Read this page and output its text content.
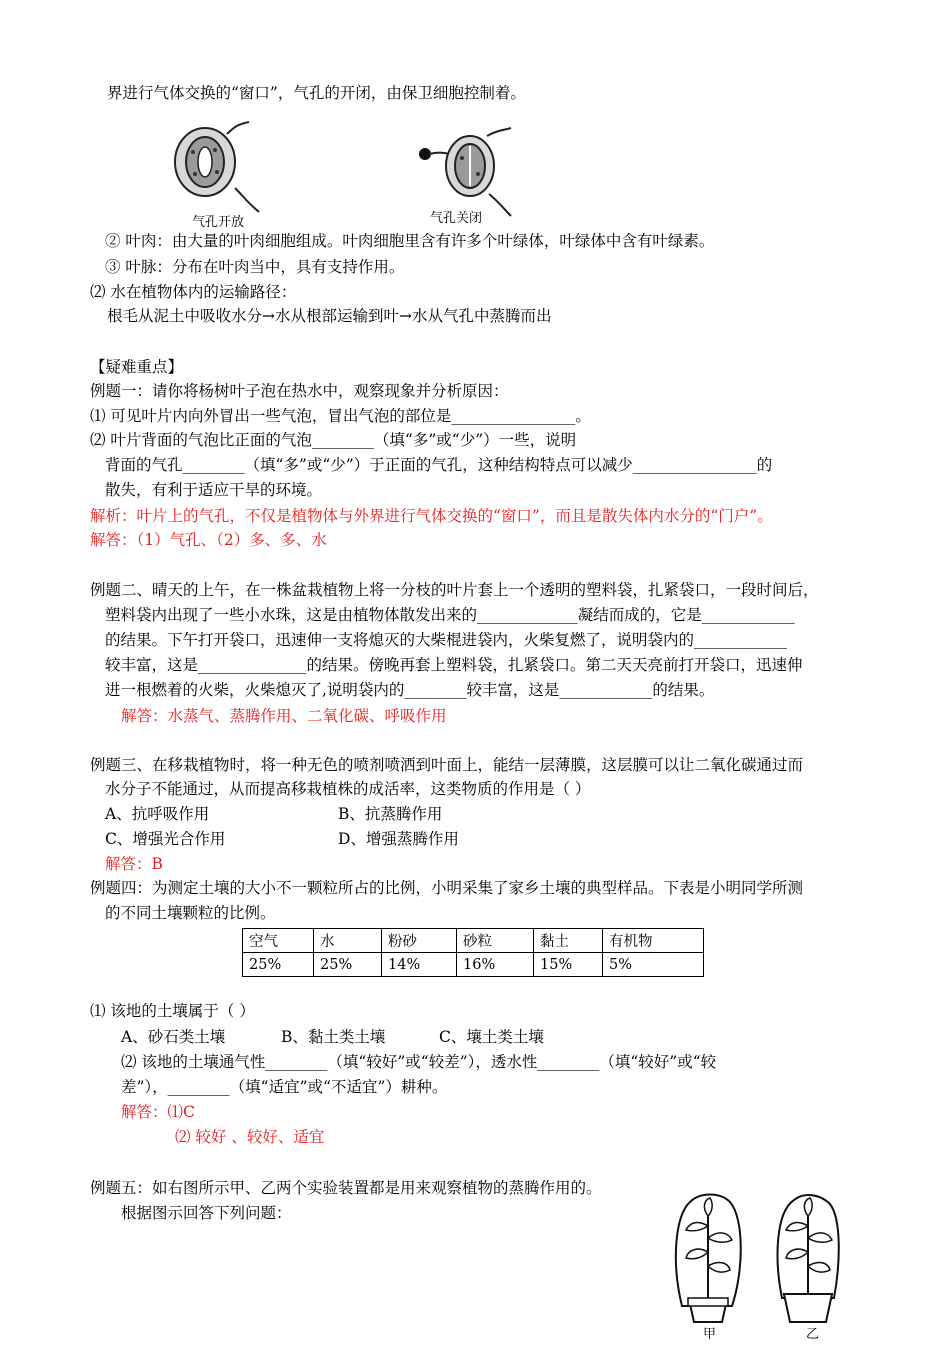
界进行气体交换的“窗口”，气孔的开闭，由保卫细胞控制着。
气孔开放	气孔关闭
② 叶肉：由大量的叶肉细胞组成。叶肉细胞里含有许多个叶绿体，叶绿体中含有叶绿素。
③ 叶脉：分布在叶肉当中，具有支持作用。
⑵ 水在植物体内的运输路径：
根毛从泥土中吸收水分→水从根部运输到叶→水从气孔中蒸腾而出
【疑难重点】
例题一：请你将杨树叶子泡在热水中，观察现象并分析原因：
⑴ 可见叶片内向外冒出一些气泡，冒出气泡的部位是________________。
⑵ 叶片背面的气泡比正面的气泡________（填“多”或“少”）一些，说明
背面的气孔________（填“多”或“少”）于正面的气孔，这种结构特点可以减少________________的
散失，有利于适应干旱的环境。
解析：叶片上的气孔，不仅是植物体与外界进行气体交换的“窗口”，而且是散失体内水分的“门户”。
解答：（1）气孔、（2）多、多、水
例题二、晴天的上午，在一株盆栽植物上将一分枝的叶片套上一个透明的塑料袋，扎紧袋口，一段时间后，
塑料袋内出现了一些小水珠，这是由植物体散发出来的_____________凝结而成的，它是____________
的结果。下午打开袋口，迅速伸一支将熄灭的大柴棍进袋内，火柴复燃了，说明袋内的____________
较丰富，这是______________的结果。傍晚再套上塑料袋，扎紧袋口。第二天天亮前打开袋口，迅速伸
进一根燃着的火柴，火柴熄灭了,说明袋内的________较丰富，这是____________的结果。
解答：水蒸气、蒸腾作用、二氧化碳、呼吸作用
例题三、在移栽植物时，将一种无色的喷剂喷洒到叶面上，能结一层薄膜，这层膜可以让二氧化碳通过而
水分子不能通过，从而提高移栽植株的成活率，这类物质的作用是（ ）
A、抗呼吸作用	B、抗蒸腾作用
C、增强光合作用	D、增强蒸腾作用
解答：B
例题四：为测定土壤的大小不一颗粒所占的比例，小明采集了家乡土壤的典型样品。下表是小明同学所测
的不同土壤颗粒的比例。
空气	水	粉砂	砂粒	黏土	有机物
25%	25%	14%	16%	15%	5%
⑴ 该地的土壤属于（ ）
A、砂石类土壤	B、黏土类土壤	C、壤土类土壤
⑵ 该地的土壤通气性________（填“较好”或“较差”），透水性________（填“较好”或“较
差”），________（填“适宜”或“不适宜”）耕种。
解答：⑴C
⑵ 较好 、较好、适宜
例题五：如右图所示甲、乙两个实验装置都是用来观察植物的蒸腾作用的。
根据图示回答下列问题：
甲	乙
